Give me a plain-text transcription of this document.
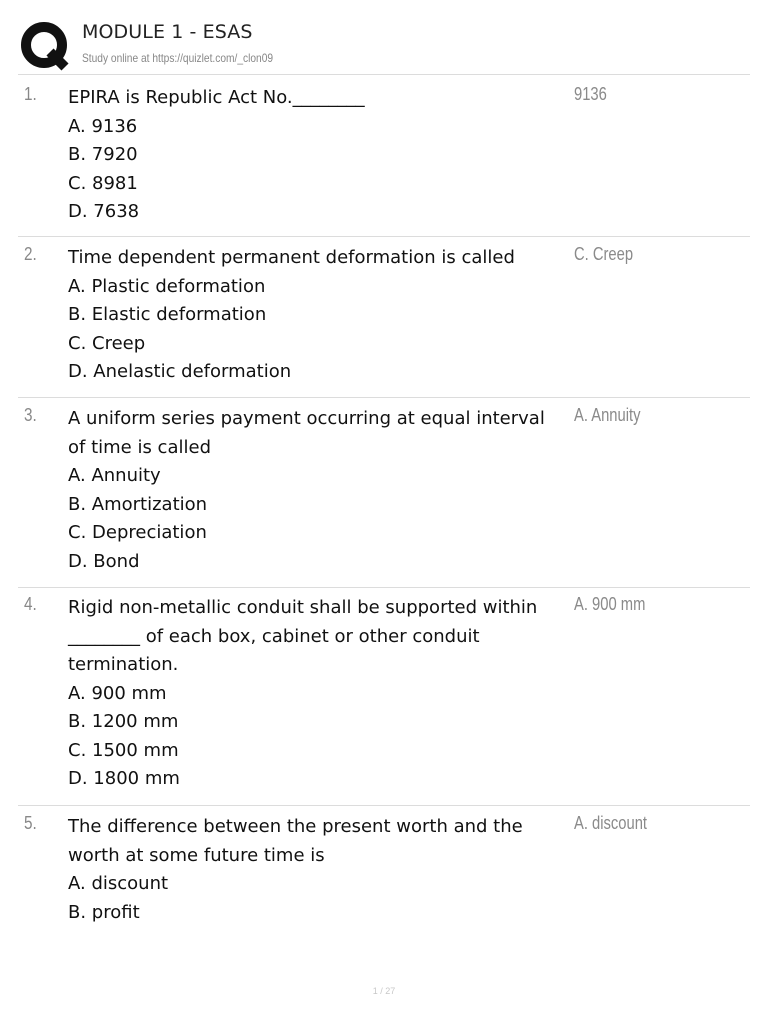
MODULE 1 - ESAS
Study online at https://quizlet.com/_clon09
1. EPIRA is Republic Act No.________
A. 9136
B. 7920
C. 8981
D. 7638
9136
2. Time dependent permanent deformation is called
A. Plastic deformation
B. Elastic deformation
C. Creep
D. Anelastic deformation
C. Creep
3. A uniform series payment occurring at equal interval
of time is called
A. Annuity
B. Amortization
C. Depreciation
D. Bond
A. Annuity
4. Rigid non-metallic conduit shall be supported within
________ of each box, cabinet or other conduit
termination.
A. 900 mm
B. 1200 mm
C. 1500 mm
D. 1800 mm
A. 900 mm
5. The difference between the present worth and the
worth at some future time is
A. discount
B. profit
A. discount
1 / 27
